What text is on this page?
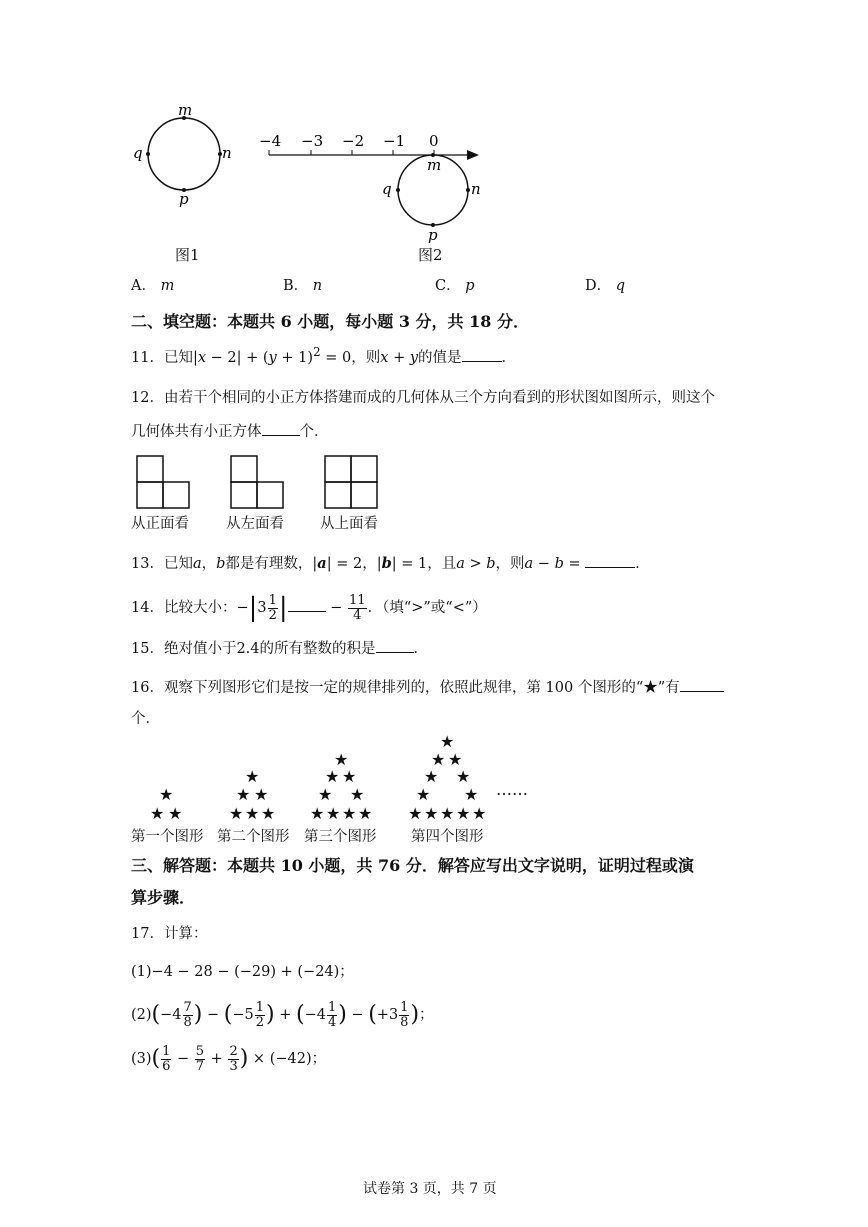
m
n
p
q
图1
−4 −3 −2 −1 0
m
n
p
q
图2
A． m	B． n	C． p	D． q
二、填空题：本题共 6 小题，每小题 3 分，共 18 分．
11．已知$|x - 2| + (y + 1)^2 = 0$，则x + y的值是	．
12．由若干个相同的小正方体搭建而成的几何体从三个方向看到的形状图如图所示，则这个
几何体共有小正方体	个．
从正面看	从左面看 从上面看
13．已知a，b都是有理数，|a| = 2，|b| = 1，且a > b，则a − b =	．
14．比较大小：$-|3 \frac{1}{2}$ |	− $\frac{11}{4}$ ．（填“>”或“<”）
15．绝对值小于2.4的所有整数的积是	．
16．观察下列图形它们是按一定的规律排列的，依照此规律，第 100 个图形的“★”有
个．
★
★ ★
★
★ ★
★ ★ ★
★
★ ★
★ ★
★ ★ ★ ★
★
★ ★
★ ★
★ ★
★ ★ ★ ★ ★
……
第一个图形 第二个图形 第三个图形 第四个图形
三、解答题：本题共 10 小题，共 76 分．解答应写出文字说明，证明过程或演
算步骤．
17．计算：
(1)−4 − 28 − (−29) + (−24)；
$(2)(-4 \frac{7}{8}$ ) − ($-5 \frac{1}{2}$ ) + ($-4 \frac{1}{4}$ ) − ($+3 \frac{1}{8}$ )；
$(3)( \frac{1}{6} - \frac{5}{7} + \frac{2}{3}$ ) × (−42)；
试卷第 3 页，共 7 页
